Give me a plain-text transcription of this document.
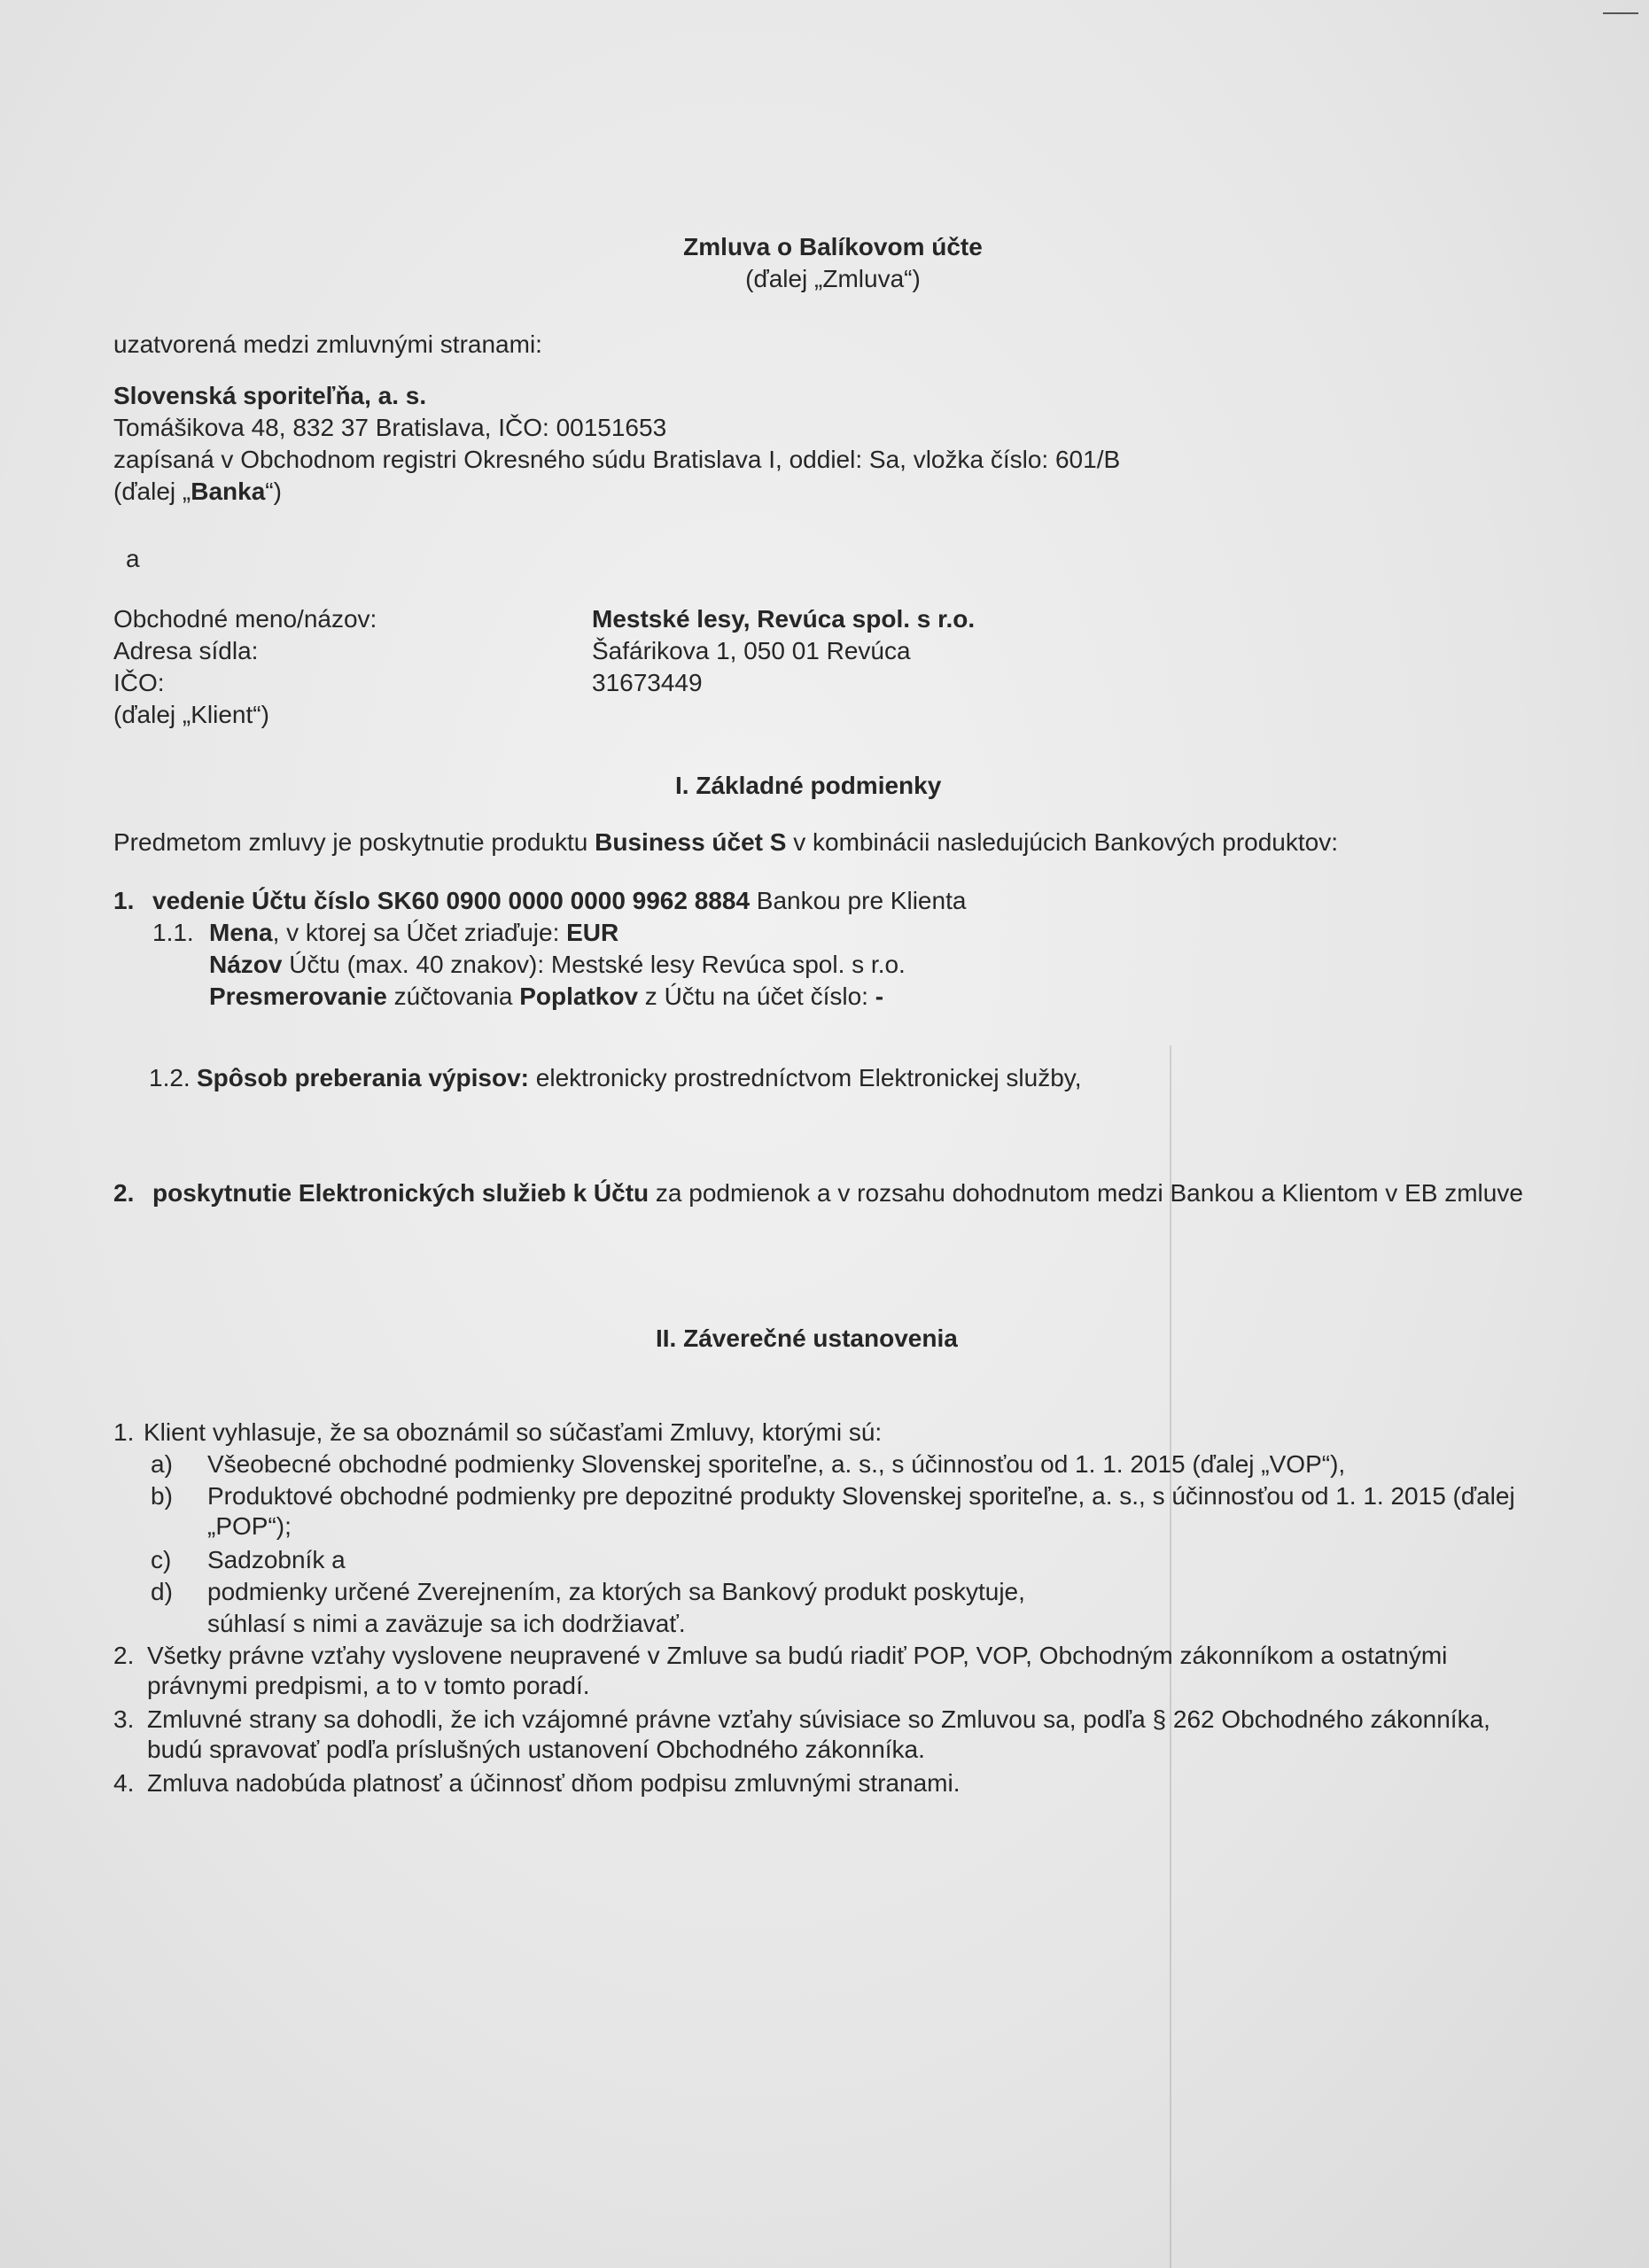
Zmluva o Balíkovom účte
(ďalej „Zmluva“)
uzatvorená medzi zmluvnými stranami:
Slovenská sporiteľňa, a. s.
Tomášikova 48, 832 37 Bratislava, IČO: 00151653
zapísaná v Obchodnom registri Okresného súdu Bratislava I, oddiel: Sa, vložka číslo: 601/B
(ďalej „Banka“)
a
Obchodné meno/názov:
Adresa sídla:
IČO:
(ďalej „Klient“)
Mestské lesy, Revúca spol. s r.o.
Šafárikova 1, 050 01 Revúca
31673449
I. Základné podmienky
Predmetom zmluvy je poskytnutie produktu Business účet S v kombinácii nasledujúcich Bankových produktov:
1. vedenie Účtu číslo SK60 0900 0000 0000 9962 8884 Bankou pre Klienta
1.1. Mena, v ktorej sa Účet zriaďuje: EUR
Názov Účtu (max. 40 znakov): Mestské lesy Revúca spol. s r.o.
Presmerovanie zúčtovania Poplatkov z Účtu na účet číslo: -
1.2. Spôsob preberania výpisov: elektronicky prostredníctvom Elektronickej služby,
2. poskytnutie Elektronických služieb k Účtu za podmienok a v rozsahu dohodnutom medzi Bankou a Klientom v EB zmluve
II. Záverečné ustanovenia
1. Klient vyhlasuje, že sa oboznámil so súčasťami Zmluvy, ktorými sú:
a) Všeobecné obchodné podmienky Slovenskej sporiteľne, a. s., s účinnosťou od 1. 1. 2015 (ďalej „VOP“),
b) Produktové obchodné podmienky pre depozitné produkty Slovenskej sporiteľne, a. s., s účinnosťou od 1. 1. 2015 (ďalej „POP“);
c) Sadzobník a
d) podmienky určené Zverejnením, za ktorých sa Bankový produkt poskytuje,
súhlasí s nimi a zaväzuje sa ich dodržiavať.
2. Všetky právne vzťahy vyslovene neupravené v Zmluve sa budú riadiť POP, VOP, Obchodným zákonníkom a ostatnými právnymi predpismi, a to v tomto poradí.
3. Zmluvné strany sa dohodli, že ich vzájomné právne vzťahy súvisiace so Zmluvou sa, podľa § 262 Obchodného zákonníka, budú spravovať podľa príslušných ustanovení Obchodného zákonníka.
4. Zmluva nadobúda platnosť a účinnosť dňom podpisu zmluvnými stranami.
